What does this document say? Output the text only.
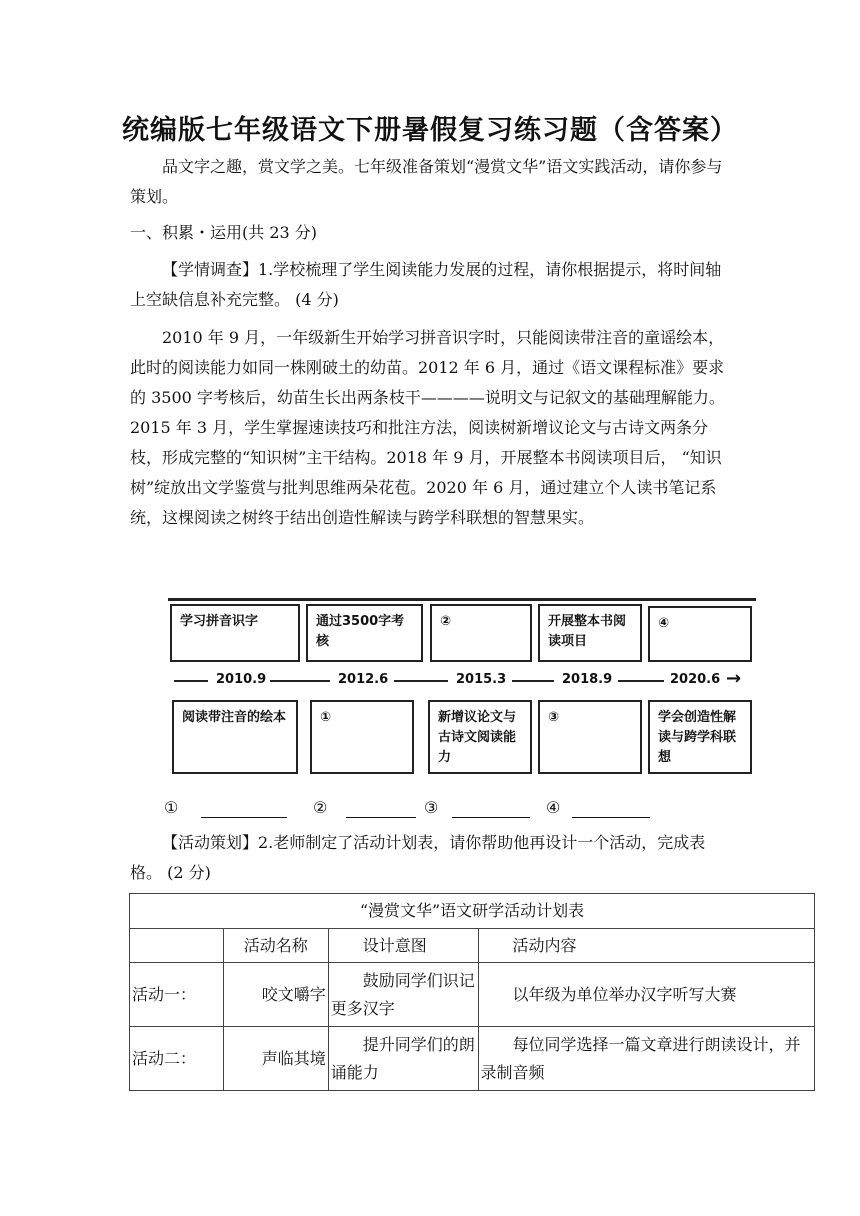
统编版七年级语文下册暑假复习练习题（含答案）

品文字之趣，赏文学之美。七年级准备策划“漫赏文华”语文实践活动，请你参与策划。

一、积累・运用(共 23 分)

【学情调查】1.学校梳理了学生阅读能力发展的过程，请你根据提示，将时间轴上空缺信息补充完整。 (4 分)

2010 年 9 月，一年级新生开始学习拼音识字时，只能阅读带注音的童谣绘本，此时的阅读能力如同一株刚破土的幼苗。2012 年 6 月，通过《语文课程标准》要求的 3500 字考核后，幼苗生长出两条枝干————说明文与记叙文的基础理解能力。2015 年 3 月，学生掌握速读技巧和批注方法，阅读树新增议论文与古诗文两条分枝，形成完整的“知识树”主干结构。2018 年 9 月，开展整本书阅读项目后， “知识树”绽放出文学鉴赏与批判思维两朵花苞。2020 年 6 月，通过建立个人读书笔记系统，这棵阅读之树终于结出创造性解读与跨学科联想的智慧果实。

学习拼音识字	通过3500字考核
②	开展整本书阅读项目
④
2010.9	2012.6	2015.3	2018.9	2020.6 →
阅读带注音的绘本	①	新增议论文与古诗文阅读能力
③	学会创造性解读与跨学科联想
①	②	③	④

【活动策划】2.老师制定了活动计划表，请你帮助他再设计一个活动，完成表格。 (2 分)

“漫赏文华”语文研学活动计划表			
	活动名称	设计意图	活动内容
活动一：	咬文嚼字	鼓励同学们识记更多汉字	以年级为单位举办汉字听写大赛
活动二：	声临其境	提升同学们的朗诵能力	每位同学选择一篇文章进行朗读设计，并录制音频
